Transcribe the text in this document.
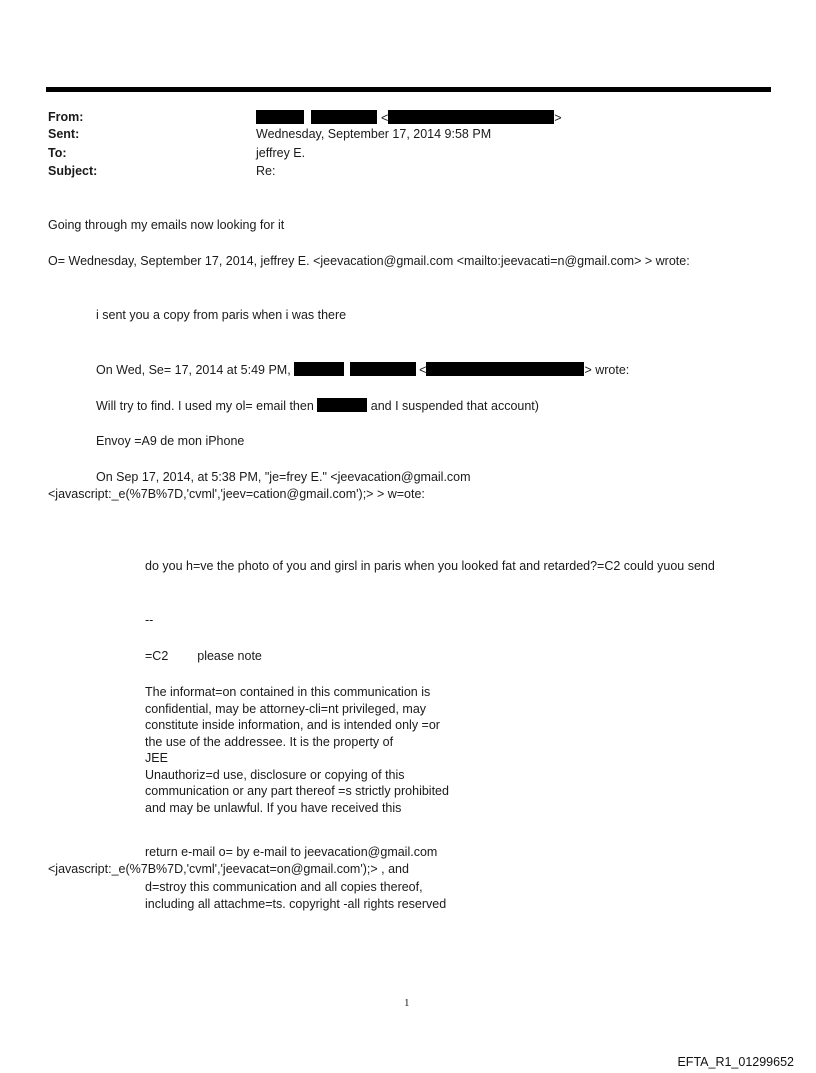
From:	<	>
Sent:	Wednesday, September 17, 2014 9:58 PM
To:	jeffrey E.
Subject:	Re:
Going through my emails now looking for it
O= Wednesday, September 17, 2014, jeffrey E. <jeevacation@gmail.com <mailto:jeevacati=n@gmail.com> > wrote:
i sent you a copy from paris when i was there
On Wed, Se= 17, 2014 at 5:49 PM,	<	> wrote:
Will try to find. I used my ol= email then	and I suspended that account)
Envoy =A9 de mon iPhone
On Sep 17, 2014, at 5:38 PM, "je=frey E." <jeevacation@gmail.com
<javascript:_e(%7B%7D,'cvml','jeev=cation@gmail.com');> > w=ote:
do you h=ve the photo of you and girsl in paris when you looked fat and retarded?=C2 could yuou send
--
=C2 please note
The informat=on contained in this communication is
confidential, may be attorney-cli=nt privileged, may
constitute inside information, and is intended only =or
the use of the addressee. It is the property of
JEE
Unauthoriz=d use, disclosure or copying of this
communication or any part thereof =s strictly prohibited
and may be unlawful. If you have received this
return e-mail o= by e-mail to jeevacation@gmail.com
<javascript:_e(%7B%7D,'cvml','jeevacat=on@gmail.com');> , and
d=stroy this communication and all copies thereof,
including all attachme=ts. copyright -all rights reserved
1
EFTA_R1_01299652
